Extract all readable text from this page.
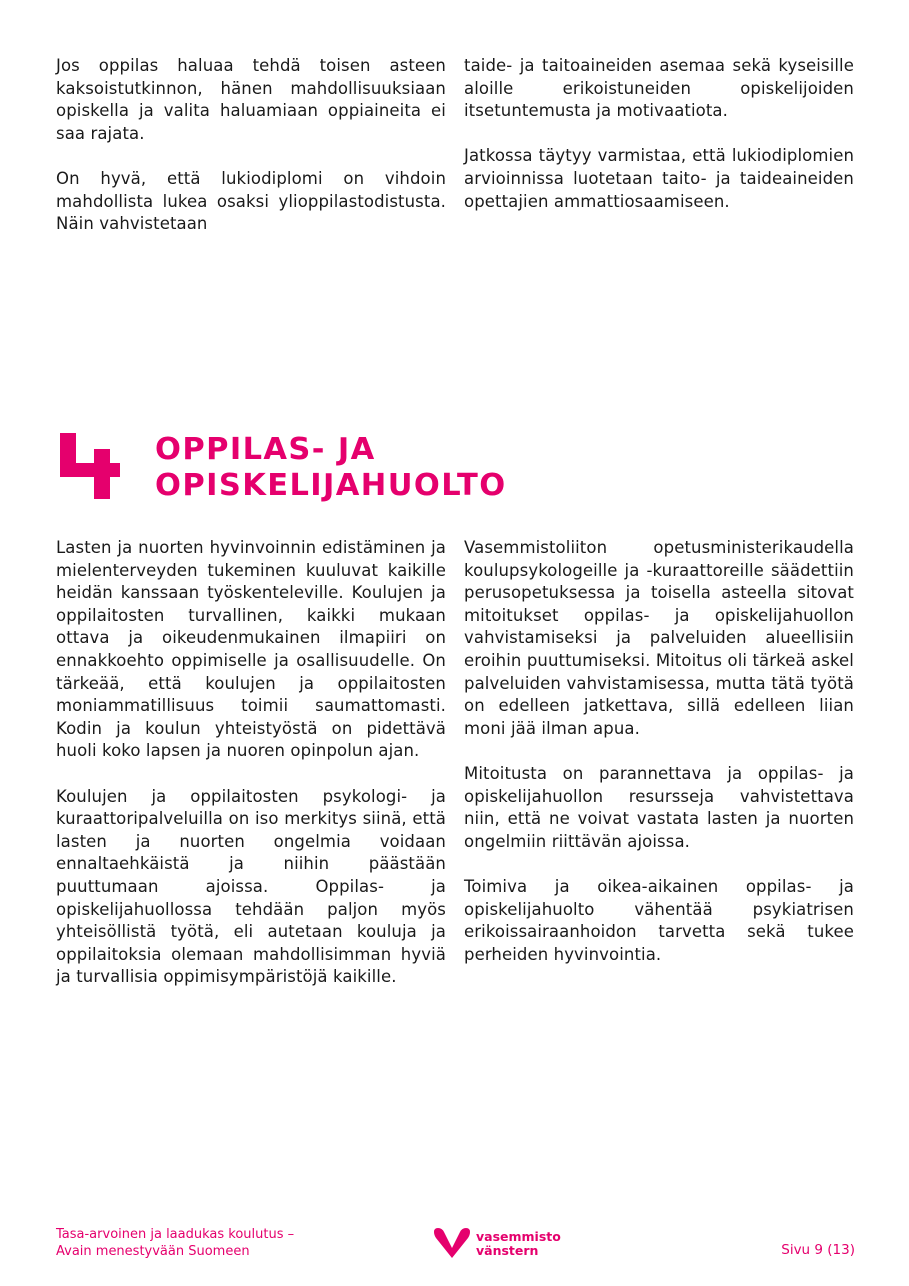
Jos oppilas haluaa tehdä toisen asteen kaksoistutkinnon, hänen mahdollisuuksiaan opiskella ja valita haluamiaan oppiaineita ei saa rajata.

On hyvä, että lukiodiplomi on vihdoin mahdollista lukea osaksi ylioppilastodistusta. Näin vahvistetaan

taide- ja taitoaineiden asemaa sekä kyseisille aloille erikoistuneiden opiskelijoiden itsetuntemusta ja motivaatiota.

Jatkossa täytyy varmistaa, että lukiodiplomien arvioinnissa luotetaan taito- ja taideaineiden opettajien ammattiosaamiseen.

OPPILAS- JA
OPISKELIJAHUOLTO

Lasten ja nuorten hyvinvoinnin edistäminen ja mielenterveyden tukeminen kuuluvat kaikille heidän kanssaan työskenteleville. Koulujen ja oppilaitosten turvallinen, kaikki mukaan ottava ja oikeudenmukainen ilmapiiri on ennakkoehto oppimiselle ja osallisuudelle. On tärkeää, että koulujen ja oppilaitosten moniammatillisuus toimii saumattomasti. Kodin ja koulun yhteistyöstä on pidettävä huoli koko lapsen ja nuoren opinpolun ajan.

Koulujen ja oppilaitosten psykologi- ja kuraattoripalveluilla on iso merkitys siinä, että lasten ja nuorten ongelmia voidaan ennaltaehkäistä ja niihin päästään puuttumaan ajoissa. Oppilas- ja opiskelijahuollossa tehdään paljon myös yhteisöllistä työtä, eli autetaan kouluja ja oppilaitoksia olemaan mahdollisimman hyviä ja turvallisia oppimisympäristöjä kaikille.

Vasemmistoliiton opetusministerikaudella koulupsykologeille ja -kuraattoreille säädettiin perusopetuksessa ja toisella asteella sitovat mitoitukset oppilas- ja opiskelijahuollon vahvistamiseksi ja palveluiden alueellisiin eroihin puuttumiseksi. Mitoitus oli tärkeä askel palveluiden vahvistamisessa, mutta tätä työtä on edelleen jatkettava, sillä edelleen liian moni jää ilman apua.

Mitoitusta on parannettava ja oppilas- ja opiskelijahuollon resursseja vahvistettava niin, että ne voivat vastata lasten ja nuorten ongelmiin riittävän ajoissa.

Toimiva ja oikea-aikainen oppilas- ja opiskelijahuolto vähentää psykiatrisen erikoissairaanhoidon tarvetta sekä tukee perheiden hyvinvointia.

Tasa-arvoinen ja laadukas koulutus –
Avain menestyvään Suomeen
vasemmisto
vänstern	Sivu 9 (13)
